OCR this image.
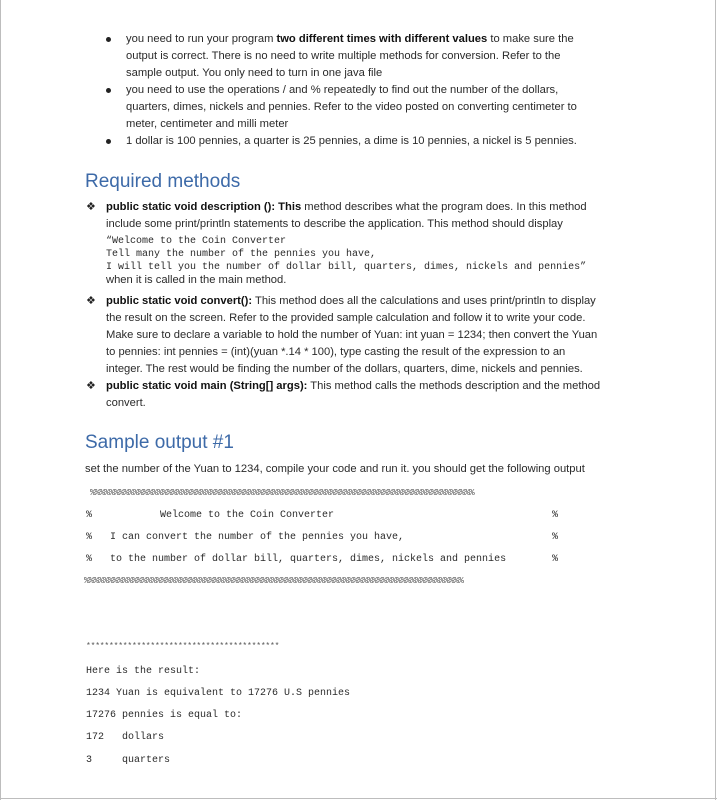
you need to run your program two different times with different values to make sure the
output is correct. There is no need to write multiple methods for conversion. Refer to the
sample output. You only need to turn in one java file
you need to use the operations / and % repeatedly to find out the number of the dollars,
quarters, dimes, nickels and pennies. Refer to the video posted on converting centimeter to
meter, centimeter and milli meter
1 dollar is 100 pennies, a quarter is 25 pennies, a dime is 10 pennies, a nickel is 5 pennies.
Required methods
❖ public static void description (): This method describes what the program does. In this method
include some print/println statements to describe the application. This method should display
“Welcome to the Coin Converter
Tell many the number of the pennies you have,
I will tell you the number of dollar bill, quarters, dimes, nickels and pennies”
when it is called in the main method.
❖ public static void convert(): This method does all the calculations and uses print/println to display
the result on the screen. Refer to the provided sample calculation and follow it to write your code.
Make sure to declare a variable to hold the number of Yuan: int yuan = 1234; then convert the Yuan
to pennies: int pennies = (int)(yuan *.14 * 100), type casting the result of the expression to an
integer. The rest would be finding the number of the dollars, quarters, dime, nickels and pennies.
❖ public static void main (String[] args): This method calls the methods description and the method
convert.
Sample output #1
set the number of the Yuan to 1234, compile your code and run it. you should get the following output
%%%%%%%%%%%%%%%%%%%%%%%%%%%%%%%%%%%%%%%%%%%%%%%%%%%%%%%%%%%%%%%%%%%%%%%%%%%%%%%%
%	Welcome to the Coin Converter	%
% I can convert the number of the pennies you have,	%
% to the number of dollar bill, quarters, dimes, nickels and pennies	%
%%%%%%%%%%%%%%%%%%%%%%%%%%%%%%%%%%%%%%%%%%%%%%%%%%%%%%%%%%%%%%%%%%%%%%%%%%%%%%%
******************************************
Here is the result:
1234 Yuan is equivalent to 17276 U.S pennies
17276 pennies is equal to:
172 dollars
3	quarters
